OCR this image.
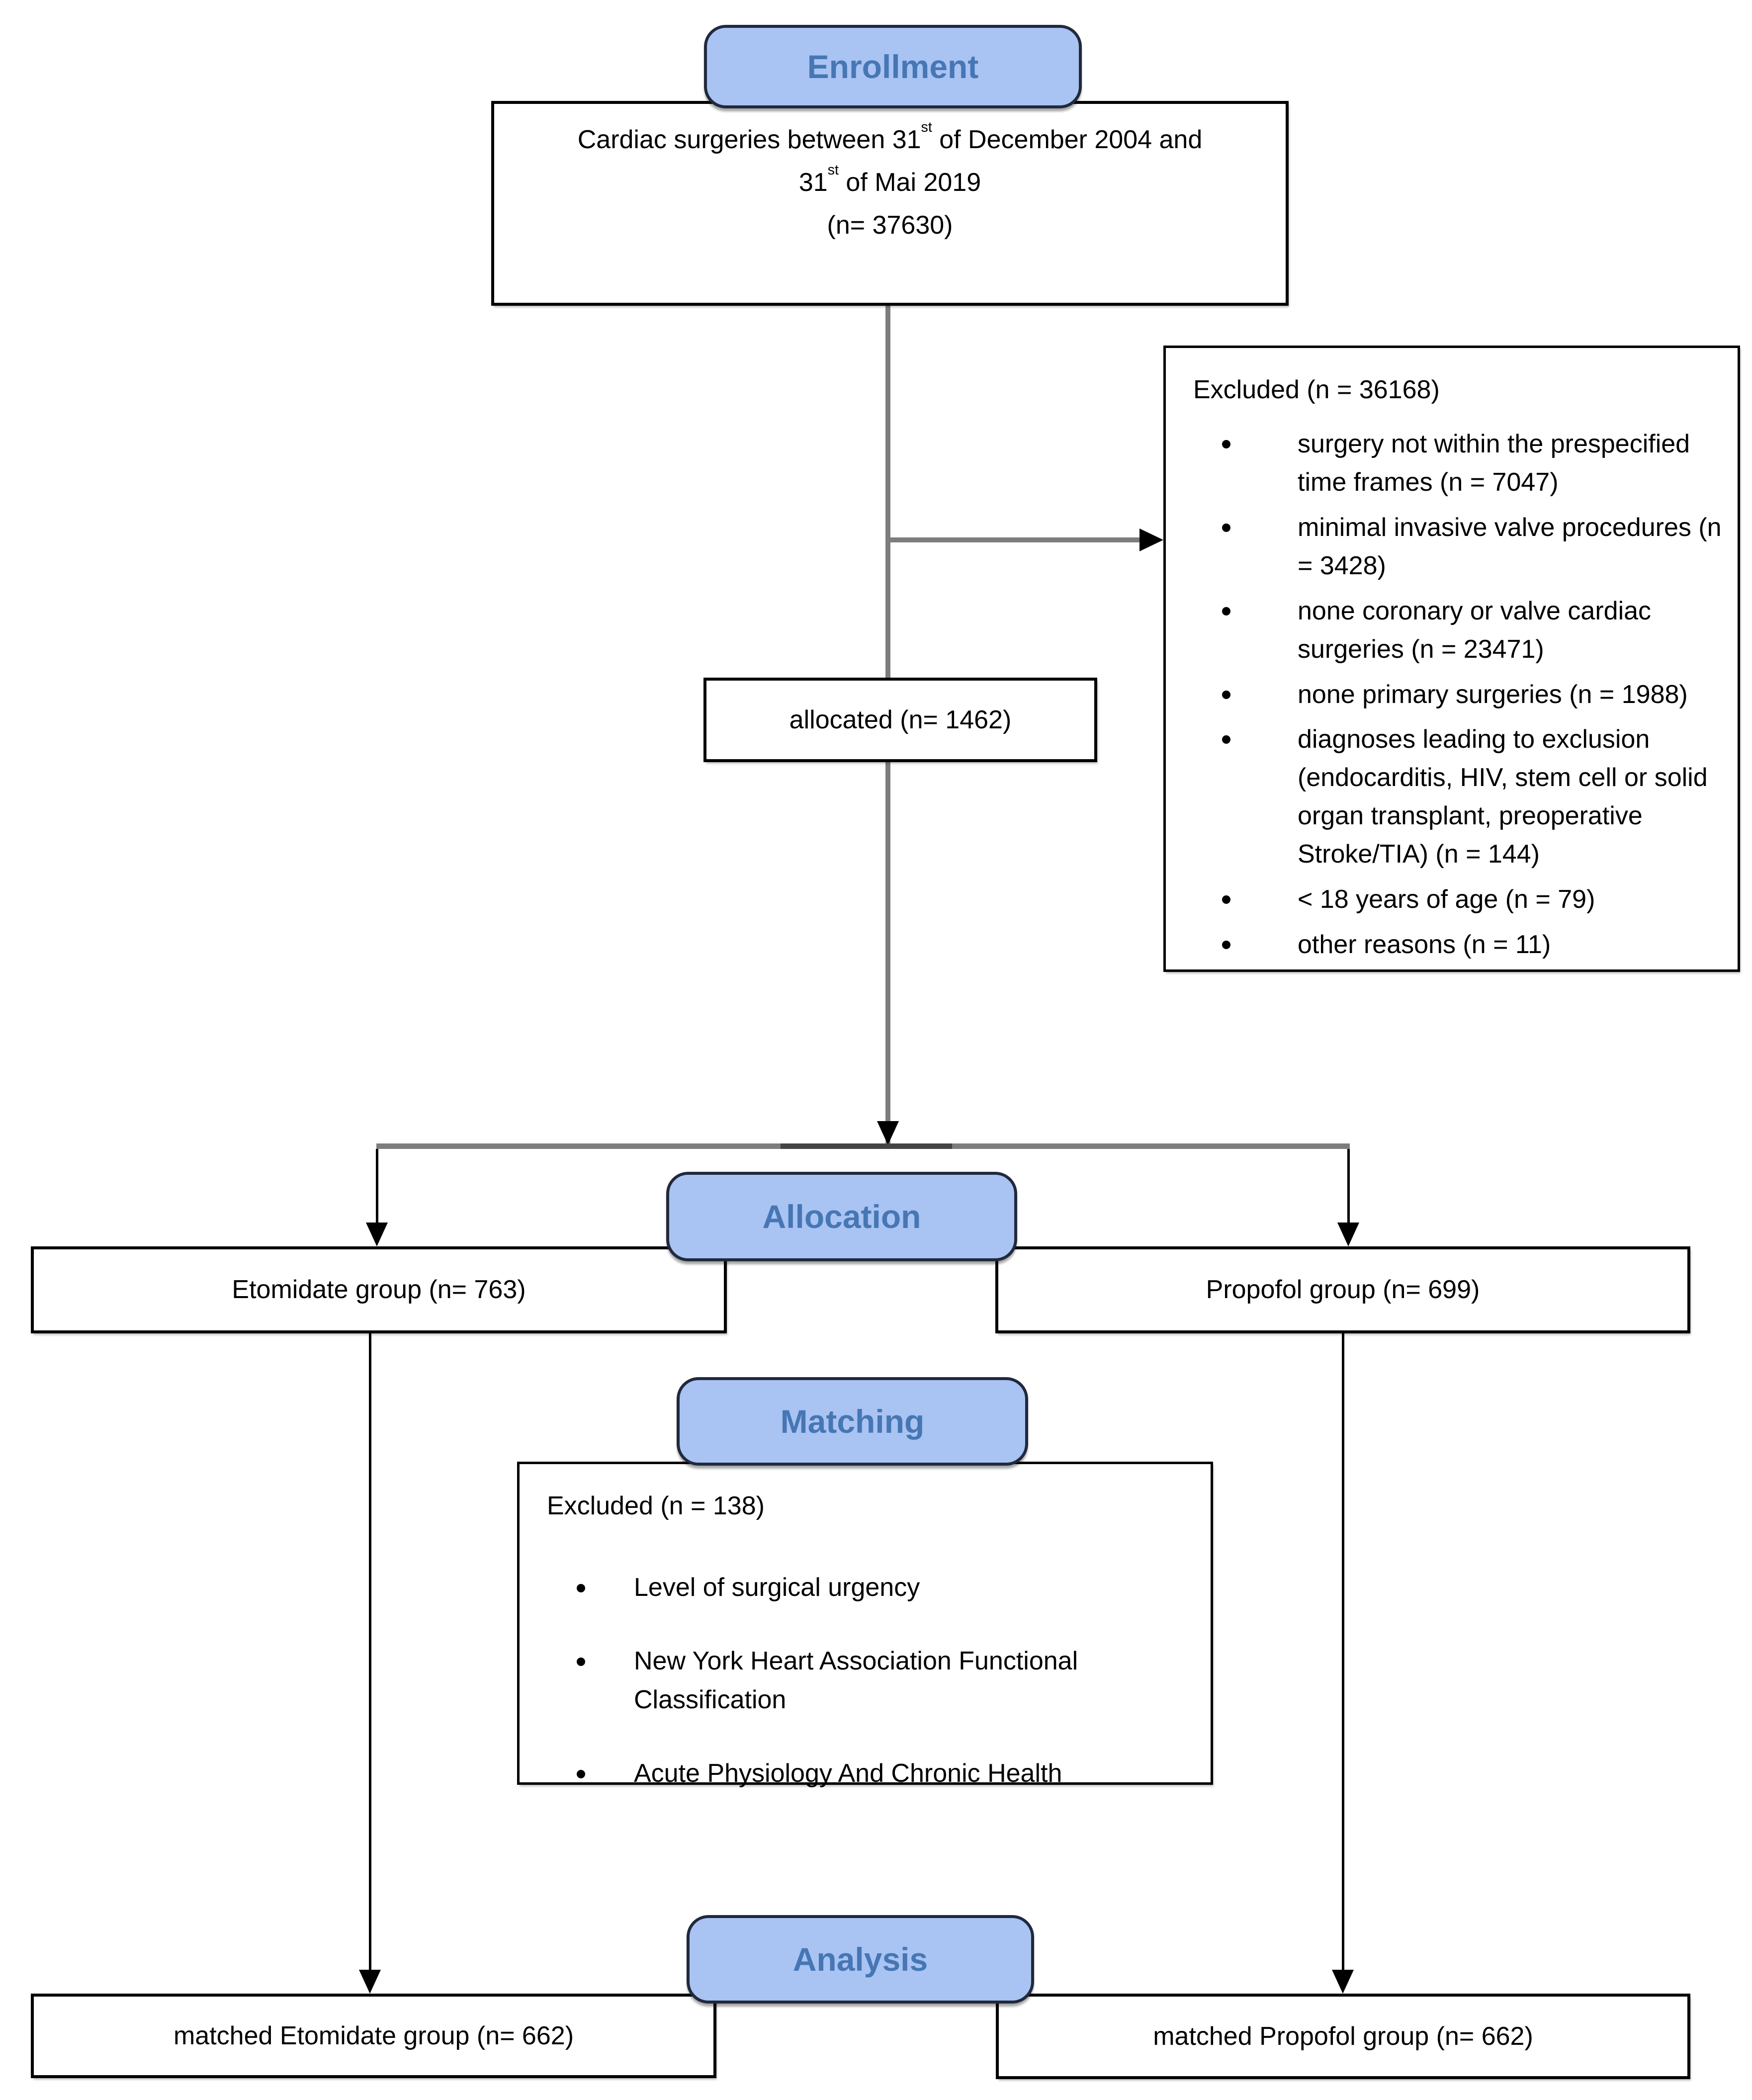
Cardiac surgeries between 31st of December 2004 and
31st of Mai 2019
(n= 37630)
Excluded (n = 36168)
surgery not within the prespecified time frames (n = 7047)
minimal invasive valve procedures (n = 3428)
none coronary or valve cardiac surgeries (n = 23471)
none primary surgeries (n = 1988)
diagnoses leading to exclusion (endocarditis, HIV, stem cell or solid organ transplant, preoperative Stroke/TIA) (n = 144)
< 18 years of age (n = 79)
other reasons (n = 11)
allocated (n= 1462)
Etomidate group (n= 763)	Propofol group (n= 699)
Excluded (n = 138)
Level of surgical urgency
New York Heart Association Functional Classification
Acute Physiology And Chronic Health
matched Etomidate group (n= 662)	matched Propofol group (n= 662)
Enrollment
Allocation
Matching
Analysis
